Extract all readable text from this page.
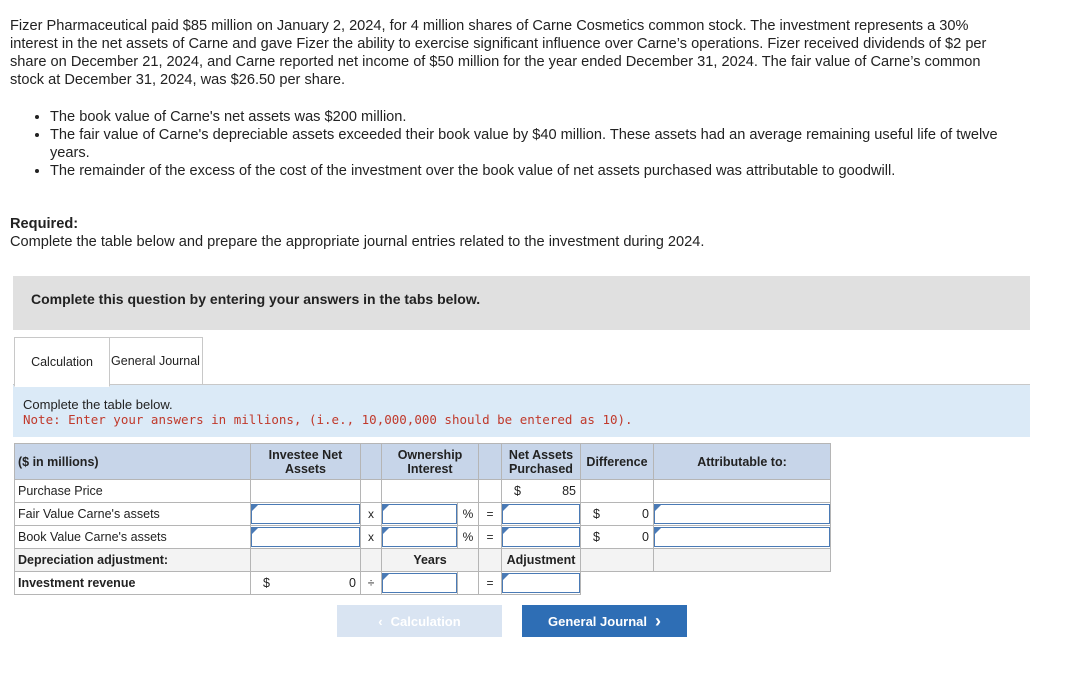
Fizer Pharmaceutical paid $85 million on January 2, 2024, for 4 million shares of Carne Cosmetics common stock. The investment represents a 30% interest in the net assets of Carne and gave Fizer the ability to exercise significant influence over Carne’s operations. Fizer received dividends of $2 per share on December 21, 2024, and Carne reported net income of $50 million for the year ended December 31, 2024. The fair value of Carne’s common stock at December 31, 2024, was $26.50 per share.

• The book value of Carne's net assets was $200 million.
• The fair value of Carne's depreciable assets exceeded their book value by $40 million. These assets had an average remaining useful life of twelve years.
• The remainder of the excess of the cost of the investment over the book value of net assets purchased was attributable to goodwill.
Required:
Complete the table below and prepare the appropriate journal entries related to the investment during 2024.
Complete this question by entering your answers in the tabs below.
Calculation	General Journal
Complete the table below.
Note: Enter your answers in millions, (i.e., 10,000,000 should be entered as 10).
($ in millions)	Investee Net Assets		Ownership Interest			Net Assets Purchased	Difference	Attributable to:
Purchase Price						$ 85		

Fair Value Carne's assets		x		%	=		$ 0	

Book Value Carne's assets		x		%	=		$ 0	

Depreciation adjustment:			Years			Adjustment		
Investment revenue	$ 0	÷			=	

‹ Calculation	General Journal ›
